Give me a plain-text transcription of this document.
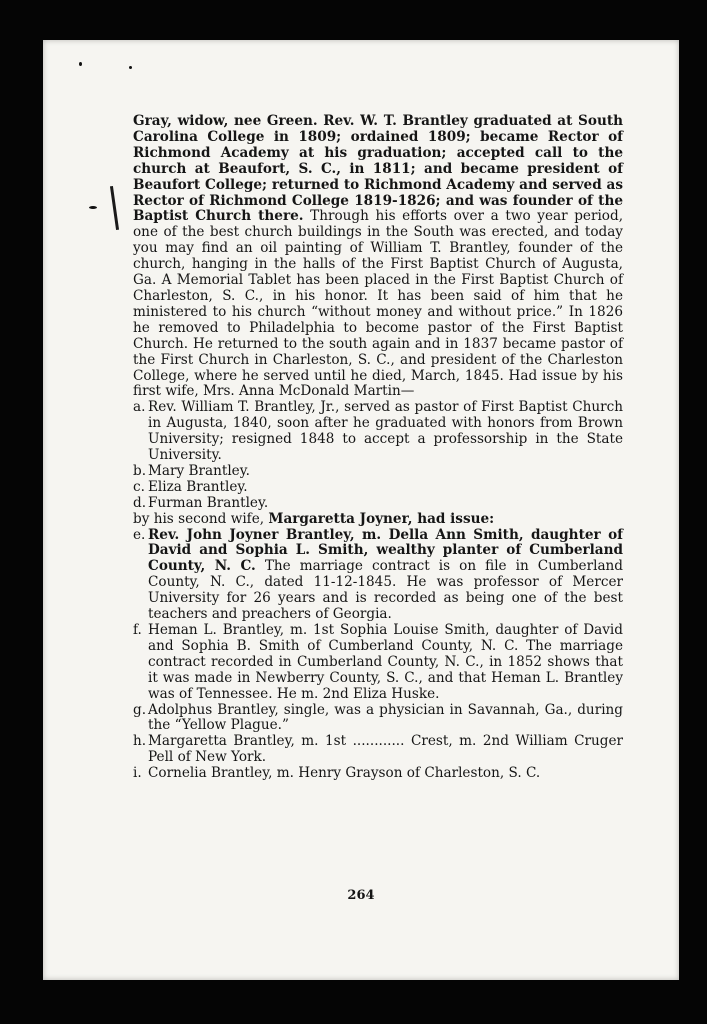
Gray, widow, nee Green. Rev. W. T. Brantley graduated at South Carolina College in 1809; ordained 1809; became Rector of Richmond Academy at his graduation; accepted call to the church at Beaufort, S. C., in 1811; and became president of Beaufort College; returned to Richmond Academy and served as Rector of Richmond College 1819-1826; and was founder of the Baptist Church there. Through his efforts over a two year period, one of the best church buildings in the South was erected, and today you may find an oil painting of William T. Brantley, founder of the church, hanging in the halls of the First Baptist Church of Augusta, Ga. A Memorial Tablet has been placed in the First Baptist Church of Charleston, S. C., in his honor. It has been said of him that he ministered to his church “without money and without price.” In 1826 he removed to Philadelphia to become pastor of the First Baptist Church. He returned to the south again and in 1837 became pastor of the First Church in Charleston, S. C., and president of the Charleston College, where he served until he died, March, 1845. Had issue by his first wife, Mrs. Anna McDonald Martin—

a. Rev. William T. Brantley, Jr., served as pastor of First Baptist Church in Augusta, 1840, soon after he graduated with honors from Brown University; resigned 1848 to accept a professorship in the State University.

b. Mary Brantley.

c. Eliza Brantley.

d. Furman Brantley.

by his second wife, Margaretta Joyner, had issue:

e. Rev. John Joyner Brantley, m. Della Ann Smith, daughter of David and Sophia L. Smith, wealthy planter of Cumberland County, N. C. The marriage contract is on file in Cumberland County, N. C., dated 11-12-1845. He was professor of Mercer University for 26 years and is recorded as being one of the best teachers and preachers of Georgia.

f. Heman L. Brantley, m. 1st Sophia Louise Smith, daughter of David and Sophia B. Smith of Cumberland County, N. C. The marriage contract recorded in Cumberland County, N. C., in 1852 shows that it was made in Newberry County, S. C., and that Heman L. Brantley was of Tennessee. He m. 2nd Eliza Huske.

g. Adolphus Brantley, single, was a physician in Savannah, Ga., during the “Yellow Plague.”

h. Margaretta Brantley, m. 1st ............ Crest, m. 2nd William Cruger Pell of New York.

i. Cornelia Brantley, m. Henry Grayson of Charleston, S. C.

264
